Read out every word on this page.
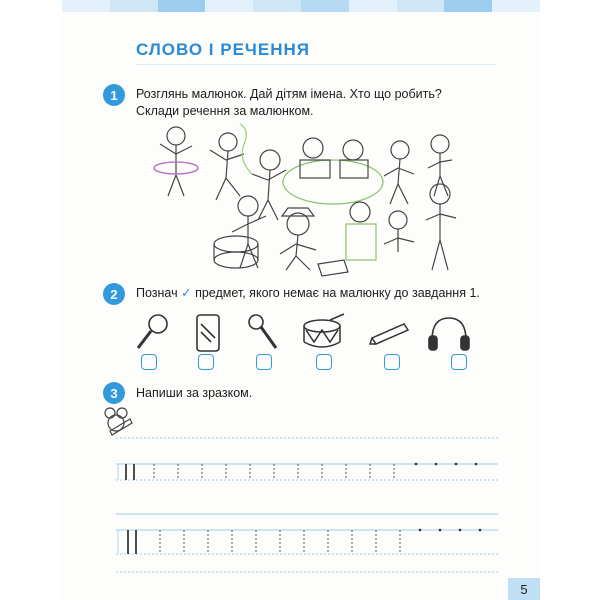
СЛОВО І РЕЧЕННЯ
1	Розглянь малюнок. Дай дітям імена. Хто що робить?
Склади речення за малюнком.
2	Познач ✓ предмет, якого немає на малюнку до завдання 1.
3	Напиши за зразком.
5
